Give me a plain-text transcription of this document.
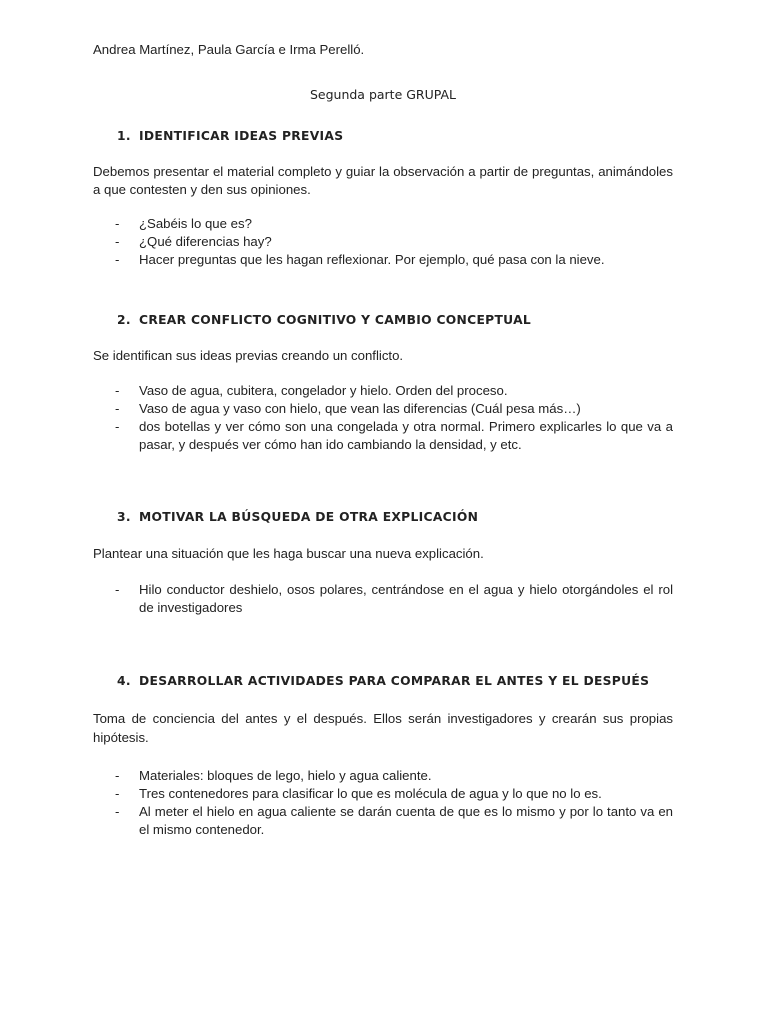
Andrea Martínez, Paula García e Irma Perelló.
Segunda parte GRUPAL
1. IDENTIFICAR IDEAS PREVIAS
Debemos presentar el material completo y guiar la observación a partir de preguntas, animándoles a que contesten y den sus opiniones.
- ¿Sabéis lo que es?
- ¿Qué diferencias hay?
- Hacer preguntas que les hagan reflexionar. Por ejemplo, qué pasa con la nieve.
2. CREAR CONFLICTO COGNITIVO Y CAMBIO CONCEPTUAL
Se identifican sus ideas previas creando un conflicto.
- Vaso de agua, cubitera, congelador y hielo. Orden del proceso.
- Vaso de agua y vaso con hielo, que vean las diferencias (Cuál pesa más…)
- dos botellas y ver cómo son una congelada y otra normal. Primero explicarles lo que va a pasar, y después ver cómo han ido cambiando la densidad, y etc.
3. MOTIVAR LA BÚSQUEDA DE OTRA EXPLICACIÓN
Plantear una situación que les haga buscar una nueva explicación.
- Hilo conductor deshielo, osos polares, centrándose en el agua y hielo otorgándoles el rol de investigadores
4. DESARROLLAR ACTIVIDADES PARA COMPARAR EL ANTES Y EL DESPUÉS
Toma de conciencia del antes y el después. Ellos serán investigadores y crearán sus propias hipótesis.
- Materiales: bloques de lego, hielo y agua caliente.
- Tres contenedores para clasificar lo que es molécula de agua y lo que no lo es.
- Al meter el hielo en agua caliente se darán cuenta de que es lo mismo y por lo tanto va en el mismo contenedor.
